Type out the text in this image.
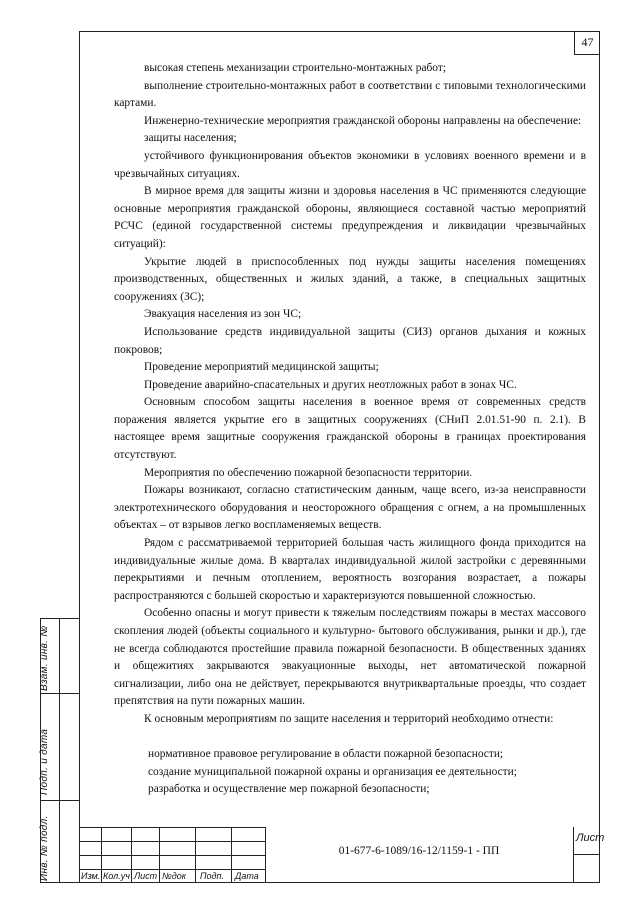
47

высокая степень механизации строительно-монтажных работ;

выполнение строительно-монтажных работ в соответствии с типовыми технологическими картами.

Инженерно-технические мероприятия гражданской обороны направлены на обеспечение:

защиты населения;

устойчивого функционирования объектов экономики в условиях военного времени и в чрезвычайных ситуациях.

В мирное время для защиты жизни и здоровья населения в ЧС применяются следующие основные мероприятия гражданской обороны, являющиеся составной частью мероприятий РСЧС (единой государственной системы предупреждения и ликвидации чрезвычайных ситуаций):

Укрытие людей в приспособленных под нужды защиты населения помещениях производственных, общественных и жилых зданий, а также, в специальных защитных сооружениях (ЗС);

Эвакуация населения из зон ЧС;

Использование средств индивидуальной защиты (СИЗ) органов дыхания и кожных покровов;

Проведение мероприятий медицинской защиты;

Проведение аварийно-спасательных и других неотложных работ в зонах ЧС.

Основным способом защиты населения в военное время от современных средств поражения является укрытие его в защитных сооружениях (СНиП 2.01.51-90 п. 2.1). В настоящее время защитные сооружения гражданской обороны в границах проектирования отсутствуют.

Мероприятия по обеспечению пожарной безопасности территории.

Пожары возникают, согласно статистическим данным, чаще всего, из-за неисправности электротехнического оборудования и неосторожного обращения с огнем, а на промышленных объектах – от взрывов легко воспламеняемых веществ.

Рядом с рассматриваемой территорией большая часть жилищного фонда приходится на индивидуальные жилые дома. В кварталах индивидуальной жилой застройки с деревянными перекрытиями и печным отоплением, вероятность возгорания возрастает, а пожары распространяются с большей скоростью и характеризуются повышенной сложностью.

Особенно опасны и могут привести к тяжелым последствиям пожары в местах массового скопления людей (объекты социального и культурно- бытового обслуживания, рынки и др.), где не всегда соблюдаются простейшие правила пожарной безопасности. В общественных зданиях и общежитиях закрываются эвакуационные выходы, нет автоматической пожарной сигнализации, либо она не действует, перекрываются внутриквартальные проезды, что создает препятствия на пути пожарных машин.

К основным мероприятиям по защите населения и территорий необходимо отнести:

нормативное правовое регулирование в области пожарной безопасности;

создание муниципальной пожарной охраны и организация ее деятельности;

разработка и осуществление мер пожарной безопасности;

Взам. инв. №
Подп. и дата
Инв. № подл.	Лист
01-677-6-1089/16-12/1159-1 - ПП
Изм. Кол.уч Лист №док Подп. Дата
